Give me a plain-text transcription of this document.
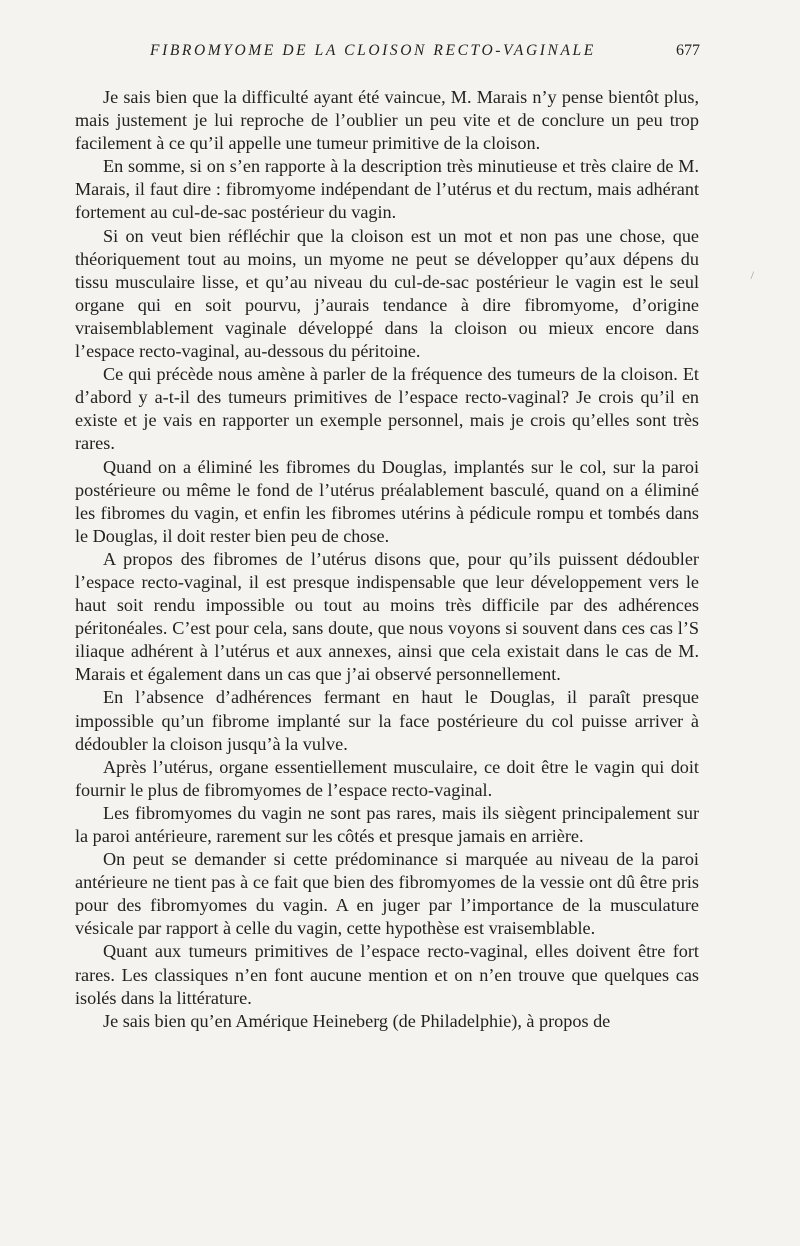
FIBROMYOME DE LA CLOISON RECTO-VAGINALE	677

Je sais bien que la difficulté ayant été vaincue, M. Marais n’y pense bientôt plus, mais justement je lui reproche de l’oublier un peu vite et de conclure un peu trop facilement à ce qu’il appelle une tumeur primitive de la cloison.

En somme, si on s’en rapporte à la description très minutieuse et très claire de M. Marais, il faut dire : fibromyome indépendant de l’utérus et du rectum, mais adhérant fortement au cul-de-sac postérieur du vagin.

Si on veut bien réfléchir que la cloison est un mot et non pas une chose, que théoriquement tout au moins, un myome ne peut se développer qu’aux dépens du tissu musculaire lisse, et qu’au niveau du cul-de-sac postérieur le vagin est le seul organe qui en soit pourvu, j’aurais tendance à dire fibromyome, d’origine vraisemblablement vaginale développé dans la cloison ou mieux encore dans l’espace recto-vaginal, au-dessous du péritoine.

Ce qui précède nous amène à parler de la fréquence des tumeurs de la cloison. Et d’abord y a-t-il des tumeurs primitives de l’espace recto-vaginal? Je crois qu’il en existe et je vais en rapporter un exemple personnel, mais je crois qu’elles sont très rares.

Quand on a éliminé les fibromes du Douglas, implantés sur le col, sur la paroi postérieure ou même le fond de l’utérus préalablement basculé, quand on a éliminé les fibromes du vagin, et enfin les fibromes utérins à pédicule rompu et tombés dans le Douglas, il doit rester bien peu de chose.

A propos des fibromes de l’utérus disons que, pour qu’ils puissent dédoubler l’espace recto-vaginal, il est presque indispensable que leur développement vers le haut soit rendu impossible ou tout au moins très difficile par des adhérences péritonéales. C’est pour cela, sans doute, que nous voyons si souvent dans ces cas l’S iliaque adhérent à l’utérus et aux annexes, ainsi que cela existait dans le cas de M. Marais et également dans un cas que j’ai observé personnellement.

En l’absence d’adhérences fermant en haut le Douglas, il paraît presque impossible qu’un fibrome implanté sur la face postérieure du col puisse arriver à dédoubler la cloison jusqu’à la vulve.

Après l’utérus, organe essentiellement musculaire, ce doit être le vagin qui doit fournir le plus de fibromyomes de l’espace recto-vaginal.

Les fibromyomes du vagin ne sont pas rares, mais ils siègent principalement sur la paroi antérieure, rarement sur les côtés et presque jamais en arrière.

On peut se demander si cette prédominance si marquée au niveau de la paroi antérieure ne tient pas à ce fait que bien des fibromyomes de la vessie ont dû être pris pour des fibromyomes du vagin. A en juger par l’importance de la musculature vésicale par rapport à celle du vagin, cette hypothèse est vraisemblable.

Quant aux tumeurs primitives de l’espace recto-vaginal, elles doivent être fort rares. Les classiques n’en font aucune mention et on n’en trouve que quelques cas isolés dans la littérature.

Je sais bien qu’en Amérique Heineberg (de Philadelphie), à propos de

/
